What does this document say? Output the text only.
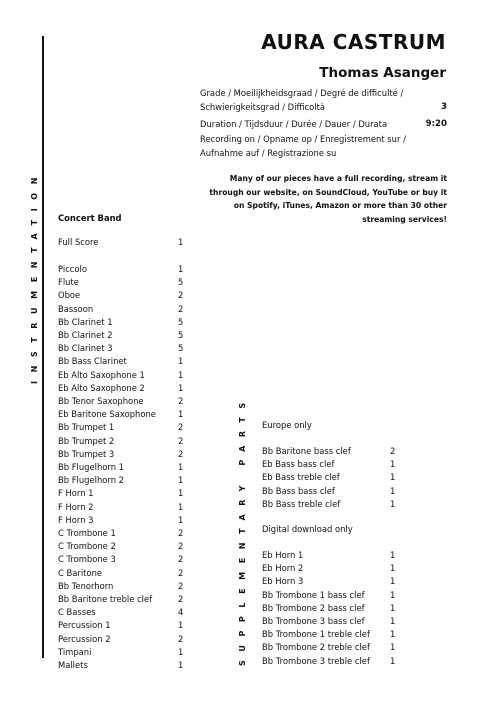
AURA CASTRUM
Thomas Asanger
Grade / Moeilijkheidsgraad / Degré de difficulté / Schwierigkeitsgrad / Difficoltà	3
Duration / Tijdsduur / Durée / Dauer / Durata	9:20
Recording on / Opname op / Enregistrement sur / Aufnahme auf / Registrazione su
Many of our pieces have a full recording, stream it through our website, on SoundCloud, YouTube or buy it on Spotify, iTunes, Amazon or more than 30 other streaming services!
INSTRUMENTATION
SUPPLEMENTARY PARTS
Concert Band
Full Score	1
Piccolo	1
Flute	5
Oboe	2
Bassoon	2
Bb Clarinet 1	5
Bb Clarinet 2	5
Bb Clarinet 3	5
Bb Bass Clarinet	1
Eb Alto Saxophone 1	1
Eb Alto Saxophone 2	1
Bb Tenor Saxophone	2
Eb Baritone Saxophone	1
Bb Trumpet 1	2
Bb Trumpet 2	2
Bb Trumpet 3	2
Bb Flugelhorn 1	1
Bb Flugelhorn 2	1
F Horn 1	1
F Horn 2	1
F Horn 3	1
C Trombone 1	2
C Trombone 2	2
C Trombone 3	2
C Baritone	2
Bb Tenorhorn	2
Bb Baritone treble clef	2
C Basses	4
Percussion 1	1
Percussion 2	2
Timpani	1
Mallets	1
Bb Baritone bass clef	2
Eb Bass bass clef	1
Eb Bass treble clef	1
Bb Bass bass clef	1
Bb Bass treble clef	1
Eb Horn 1	1
Eb Horn 2	1
Eb Horn 3	1
Bb Trombone 1 bass clef	1
Bb Trombone 2 bass clef	1
Bb Trombone 3 bass clef	1
Bb Trombone 1 treble clef 1
Bb Trombone 2 treble clef 1
Bb Trombone 3 treble clef 1
Europe only
Digital download only
